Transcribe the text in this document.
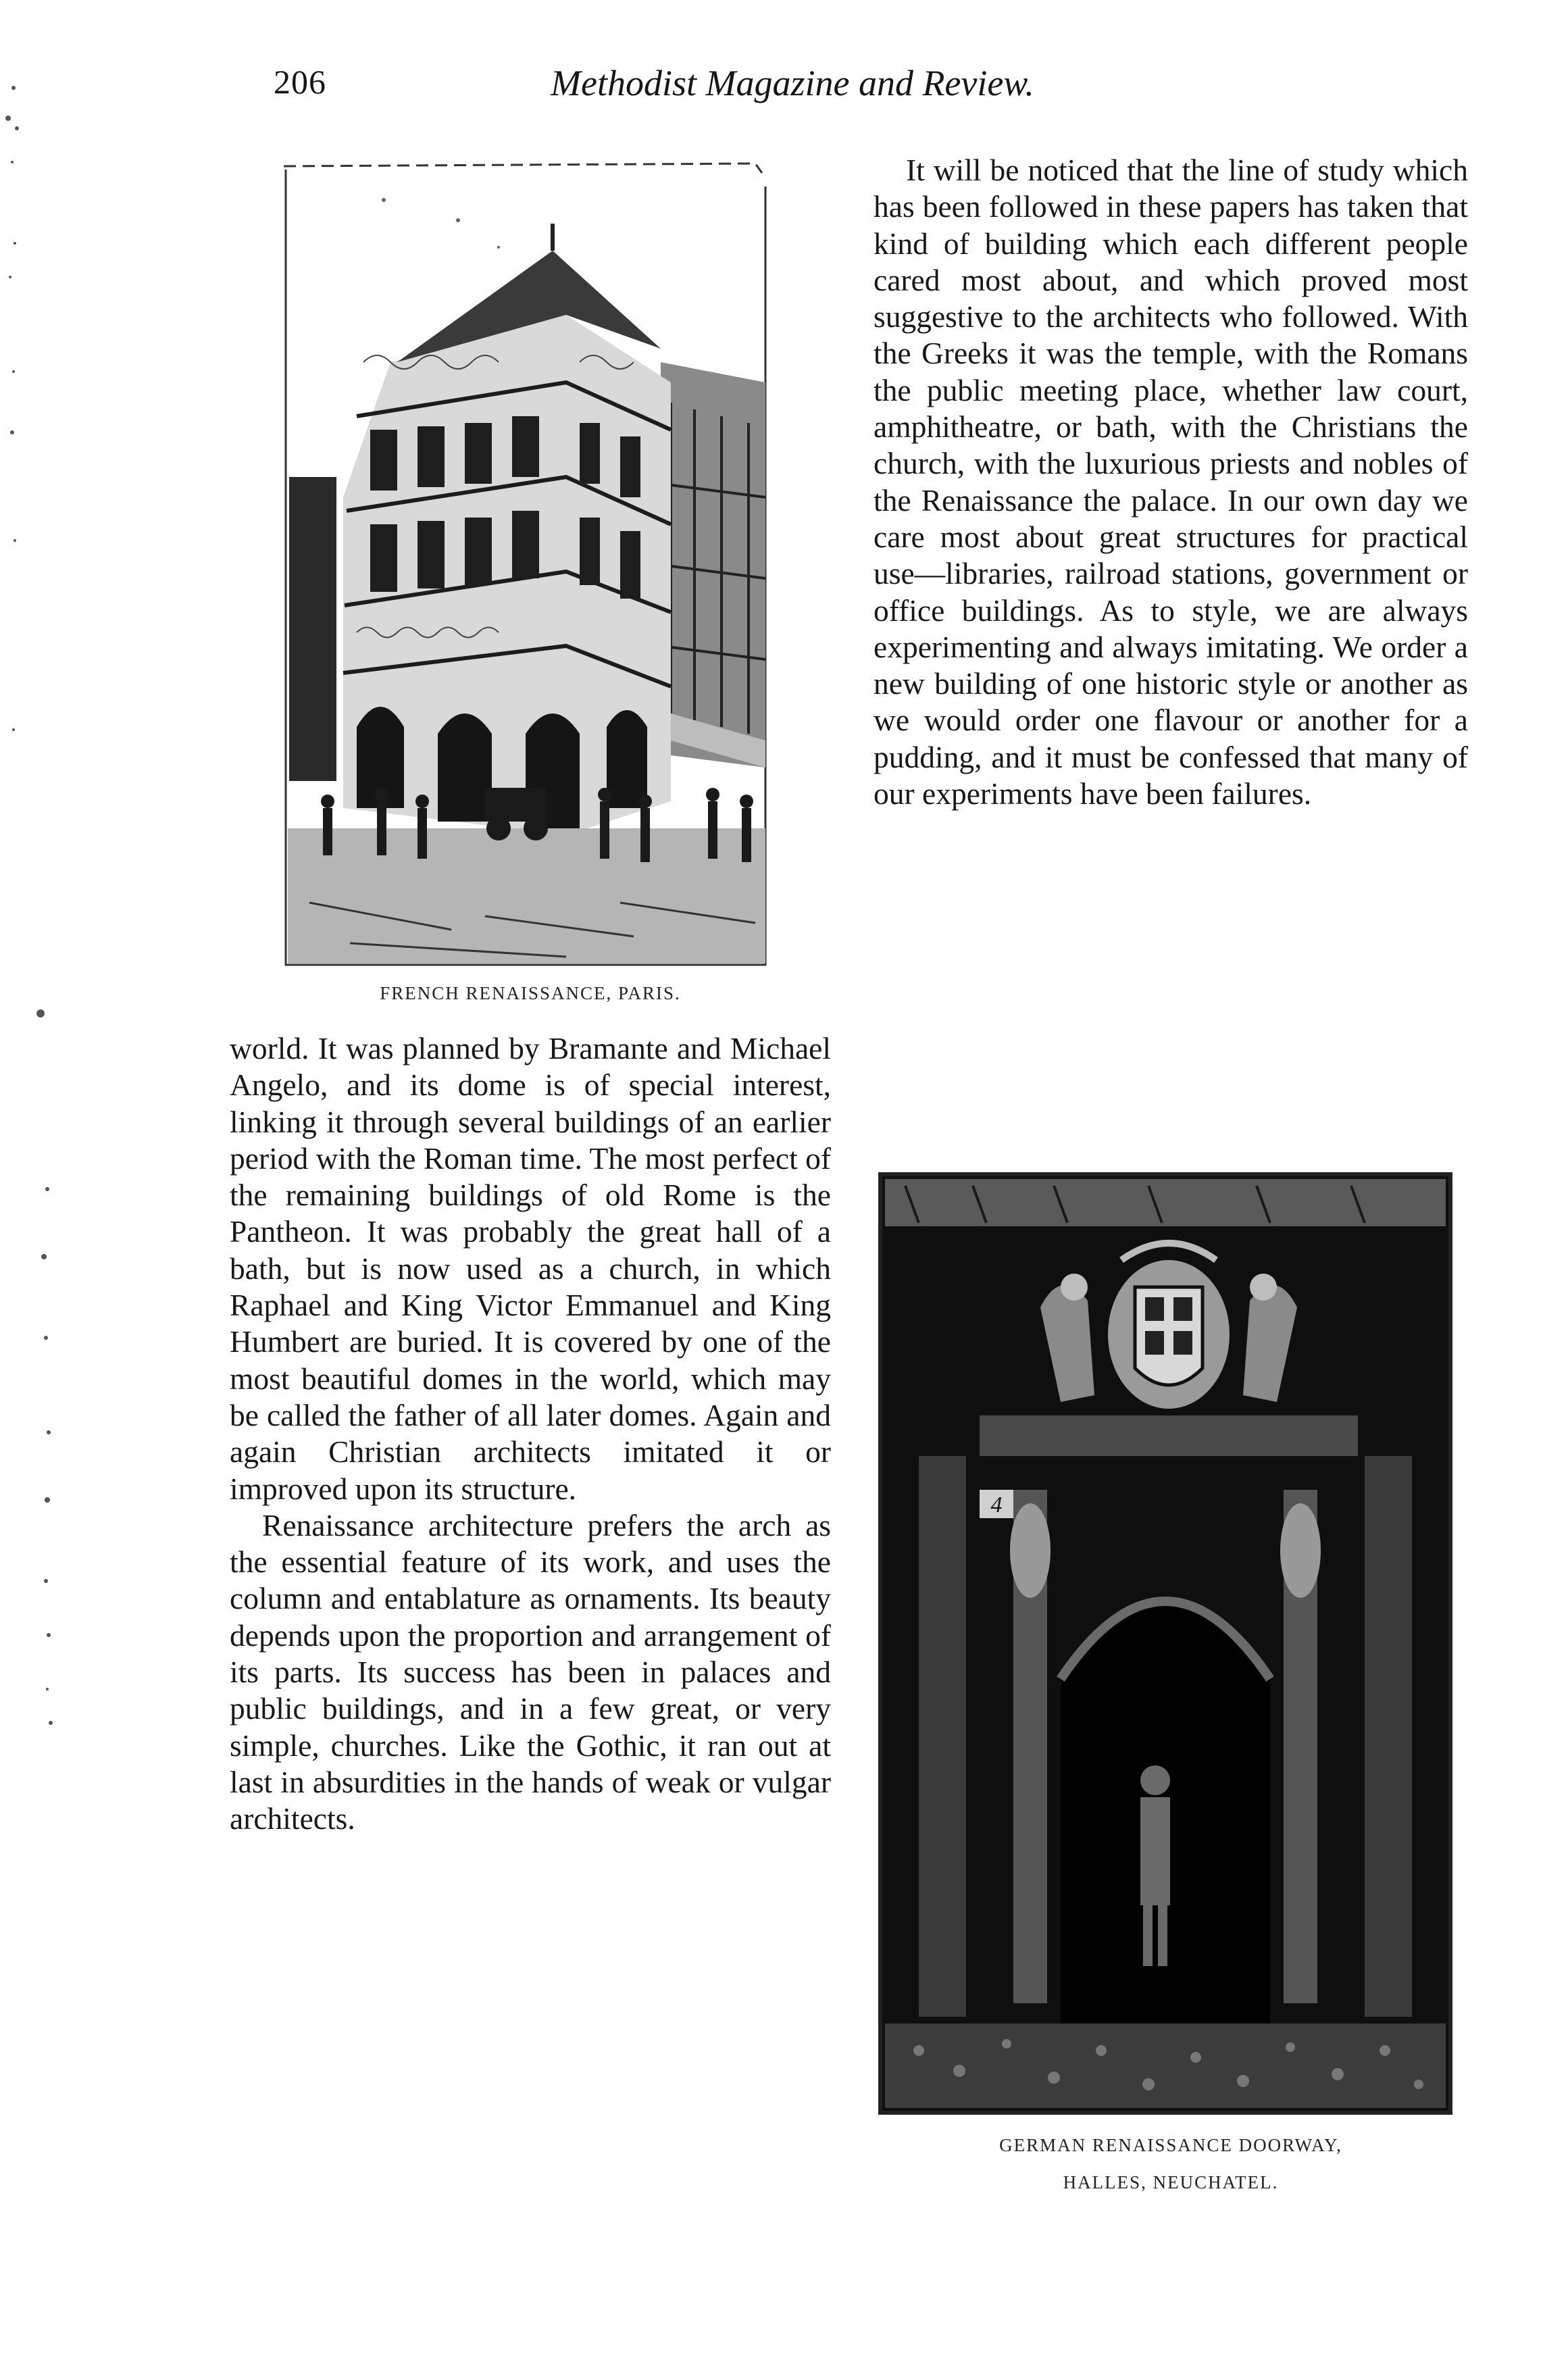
206	Methodist Magazine and Review.
FRENCH RENAISSANCE, PARIS.

world. It was planned by Bramante and Michael Angelo, and its dome is of special interest, linking it through several buildings of an earlier period with the Roman time. The most perfect of the remaining buildings of old Rome is the Pantheon. It was probably the great hall of a bath, but is now used as a church, in which Raphael and King Victor Emmanuel and King Humbert are buried. It is covered by one of the most beautiful domes in the world, which may be called the father of all later domes. Again and again Christian architects imitated it or improved upon its structure.

Renaissance architecture prefers the arch as the essential feature of its work, and uses the column and entablature as ornaments. Its beauty depends upon the proportion and arrangement of its parts. Its success has been in palaces and public buildings, and in a few great, or very simple, churches. Like the Gothic, it ran out at last in absurdities in the hands of weak or vulgar architects.

It will be noticed that the line of study which has been followed in these papers has taken that kind of building which each different people cared most about, and which proved most suggestive to the architects who followed. With the Greeks it was the temple, with the Romans the public meeting place, whether law court, amphitheatre, or bath, with the Christians the church, with the luxurious priests and nobles of the Renaissance the palace. In our own day we care most about great structures for practical use—libraries, railroad stations, government or office buildings. As to style, we are always experimenting and always imitating. We order a new building of one historic style or another as we would order one flavour or another for a pudding, and it must be confessed that many of our experiments have been failures.

4
GERMAN RENAISSANCE DOORWAY,
HALLES, NEUCHATEL.
